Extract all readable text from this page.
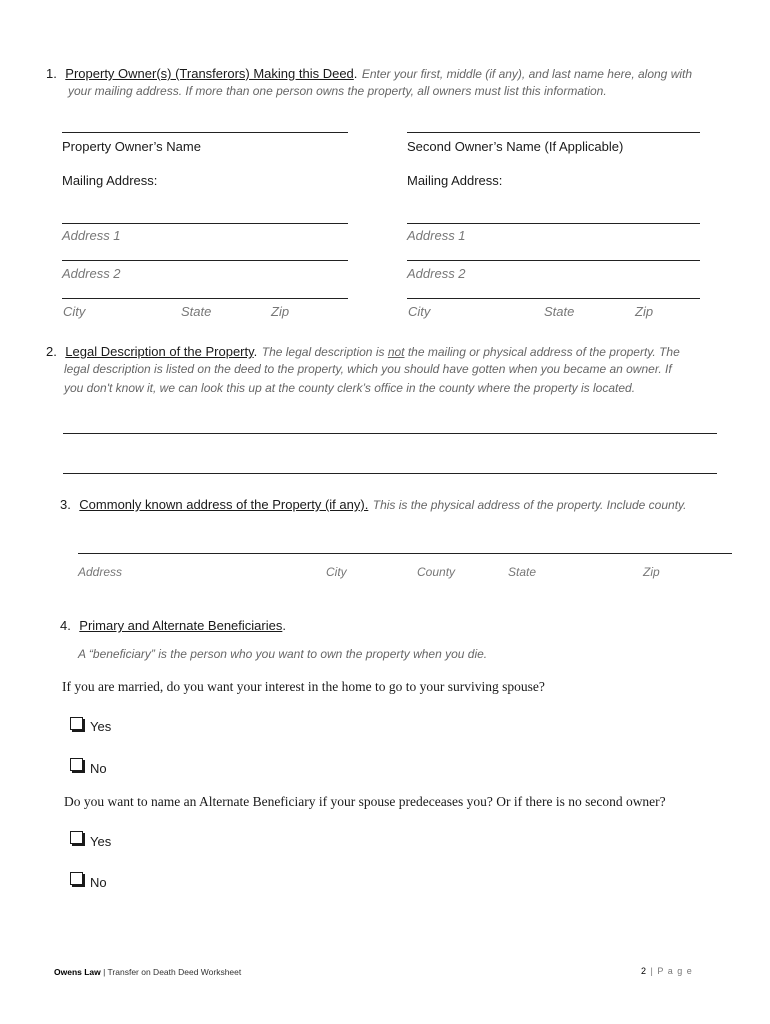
1. Property Owner(s) (Transferors) Making this Deed. Enter your first, middle (if any), and last name here, along with
your mailing address. If more than one person owns the property, all owners must list this information.
Property Owner’s Name
Mailing Address:
Address 1
Address 2
City	State	Zip
Second Owner’s Name (If Applicable)
Mailing Address:
Address 1
Address 2
City	State	Zip
2. Legal Description of the Property. The legal description is not the mailing or physical address of the property. The
legal description is listed on the deed to the property, which you should have gotten when you became an owner. If
you don't know it, we can look this up at the county clerk’s office in the county where the property is located.
3. Commonly known address of the Property (if any). This is the physical address of the property. Include county.
Address	City	County	State	Zip
4. Primary and Alternate Beneficiaries.
A “beneficiary” is the person who you want to own the property when you die.
If you are married, do you want your interest in the home to go to your surviving spouse?
Yes
No
Do you want to name an Alternate Beneficiary if your spouse predeceases you? Or if there is no second owner?
Yes
No
Owens Law | Transfer on Death Deed Worksheet	2 | P a g e
